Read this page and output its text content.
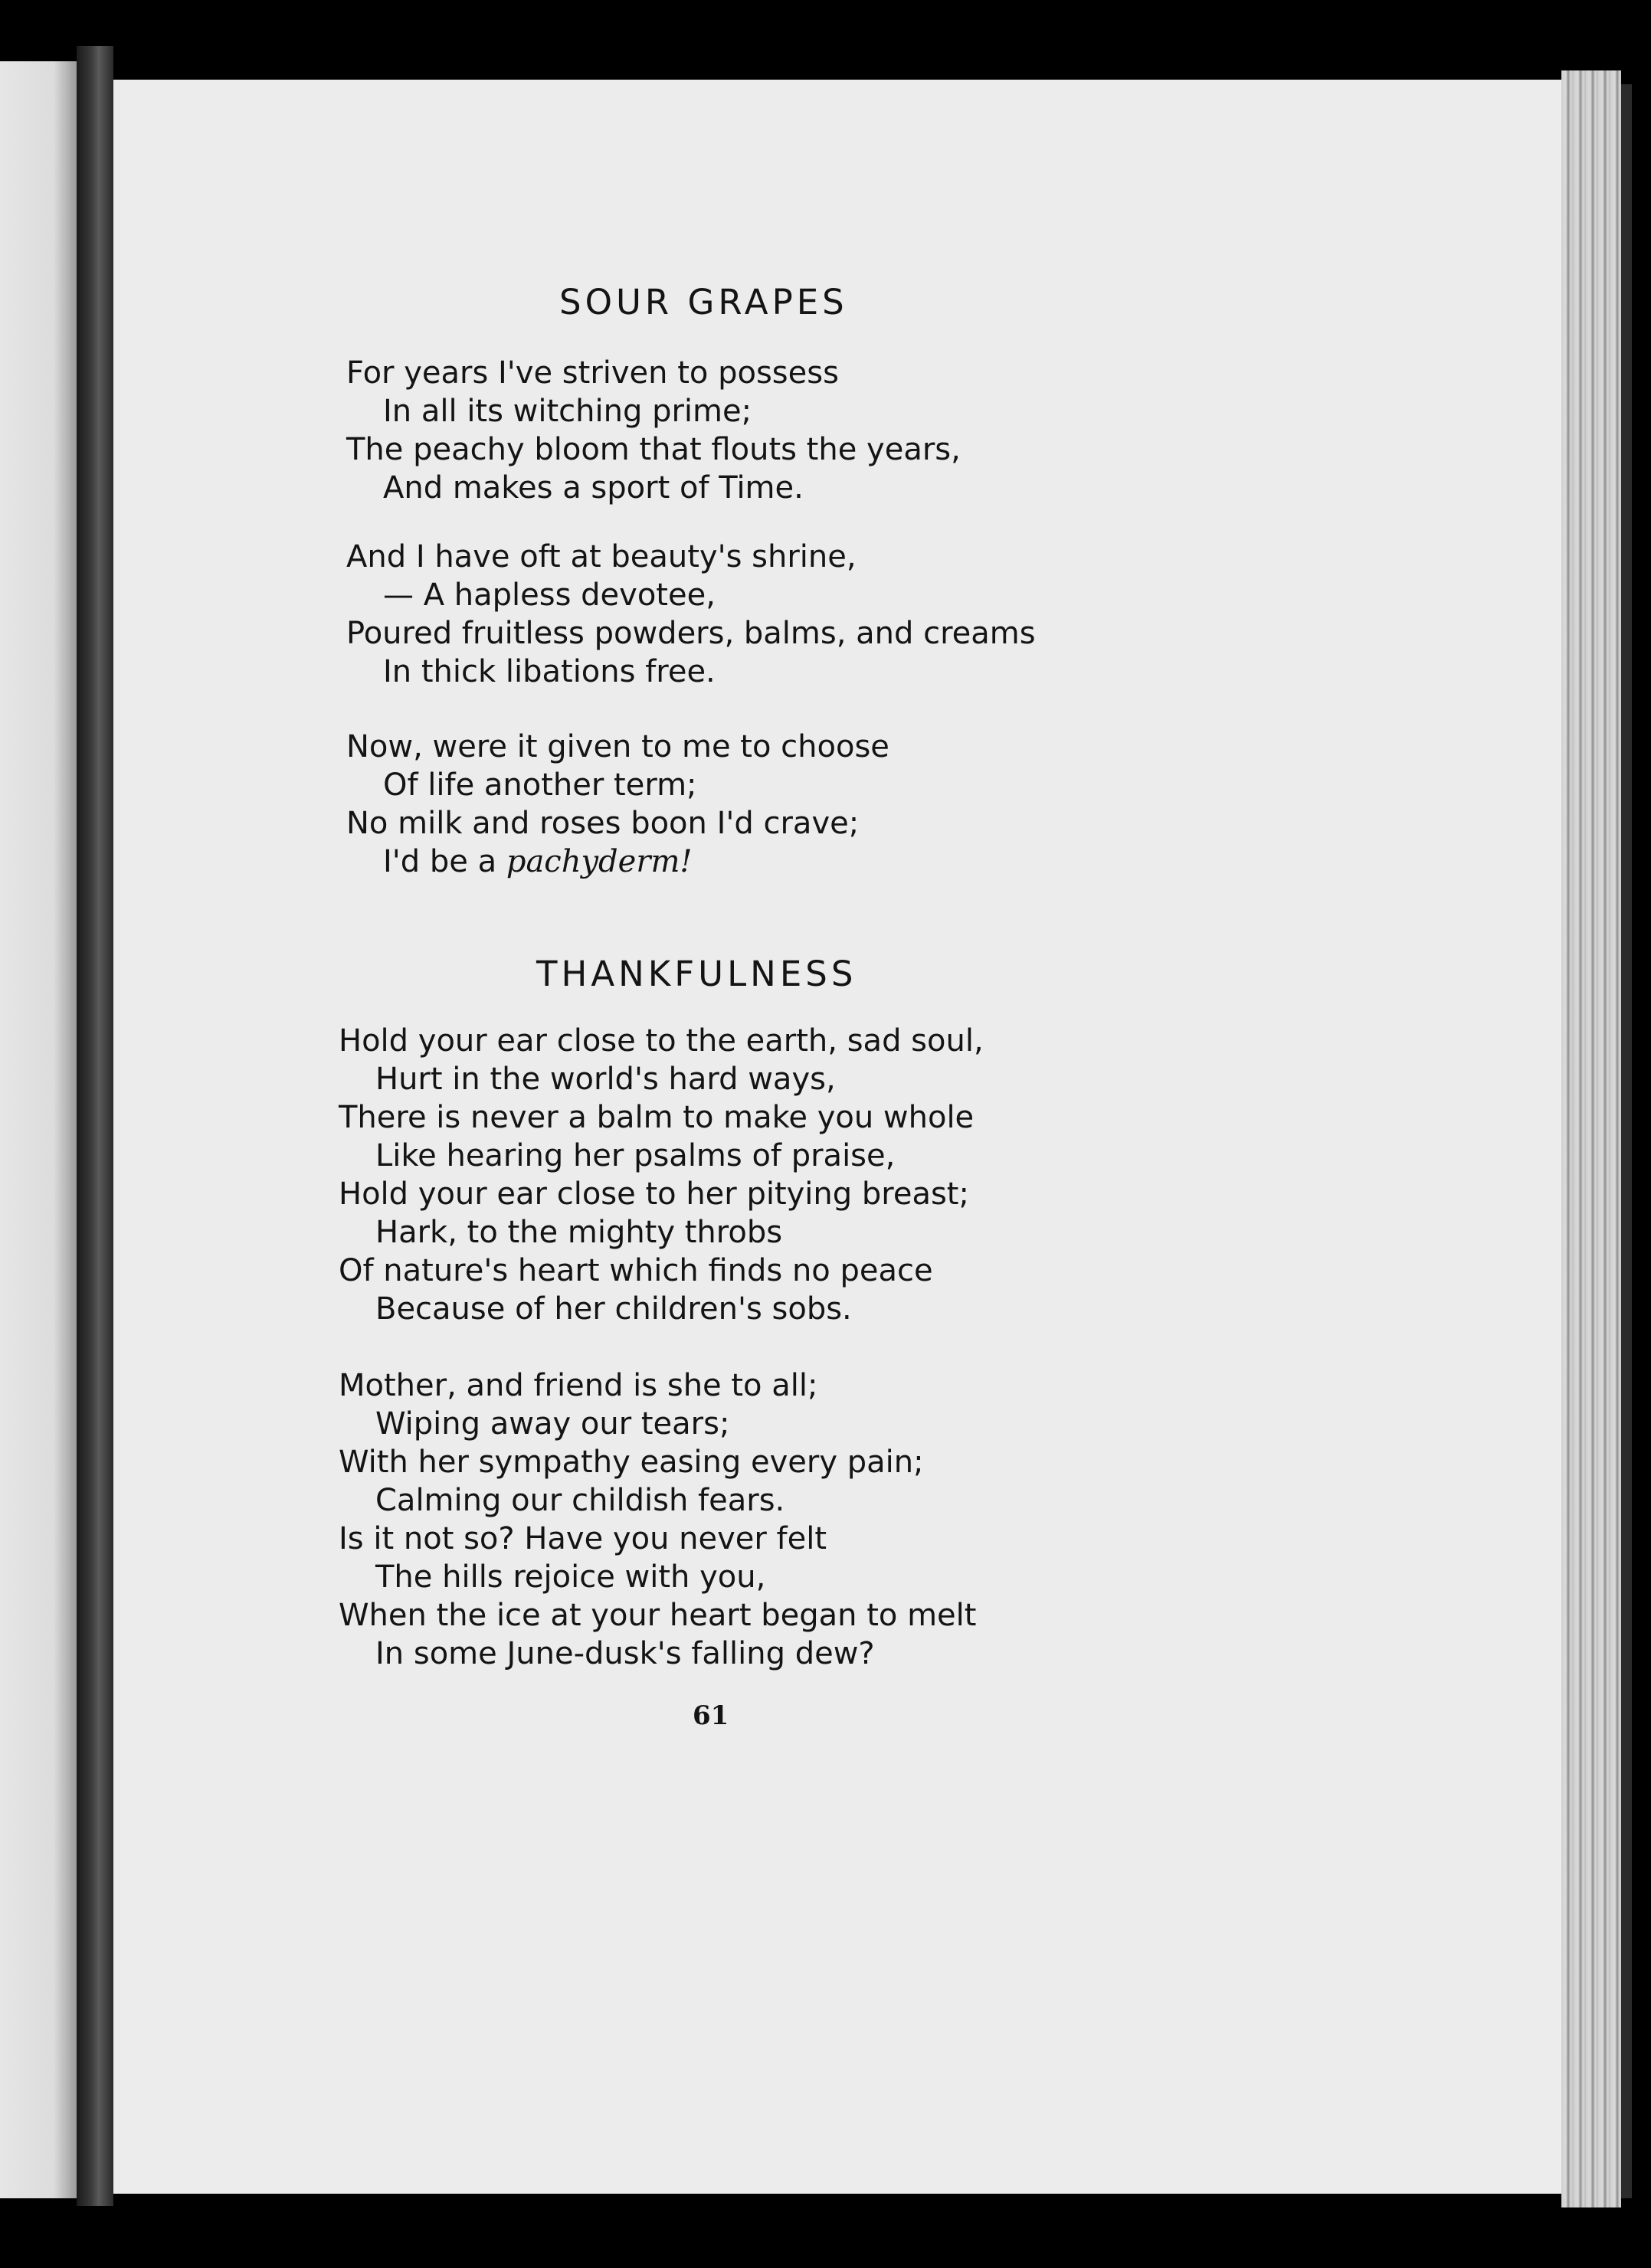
SOUR GRAPES
For years I've striven to possess
In all its witching prime;
The peachy bloom that flouts the years,
And makes a sport of Time.
And I have oft at beauty's shrine,
— A hapless devotee,
Poured fruitless powders, balms, and creams
In thick libations free.
Now, were it given to me to choose
Of life another term;
No milk and roses boon I'd crave;
I'd be a pachyderm!
THANKFULNESS
Hold your ear close to the earth, sad soul,
Hurt in the world's hard ways,
There is never a balm to make you whole
Like hearing her psalms of praise,
Hold your ear close to her pitying breast;
Hark, to the mighty throbs
Of nature's heart which finds no peace
Because of her children's sobs.
Mother, and friend is she to all;
Wiping away our tears;
With her sympathy easing every pain;
Calming our childish fears.
Is it not so? Have you never felt
The hills rejoice with you,
When the ice at your heart began to melt
In some June-dusk's falling dew?
61
